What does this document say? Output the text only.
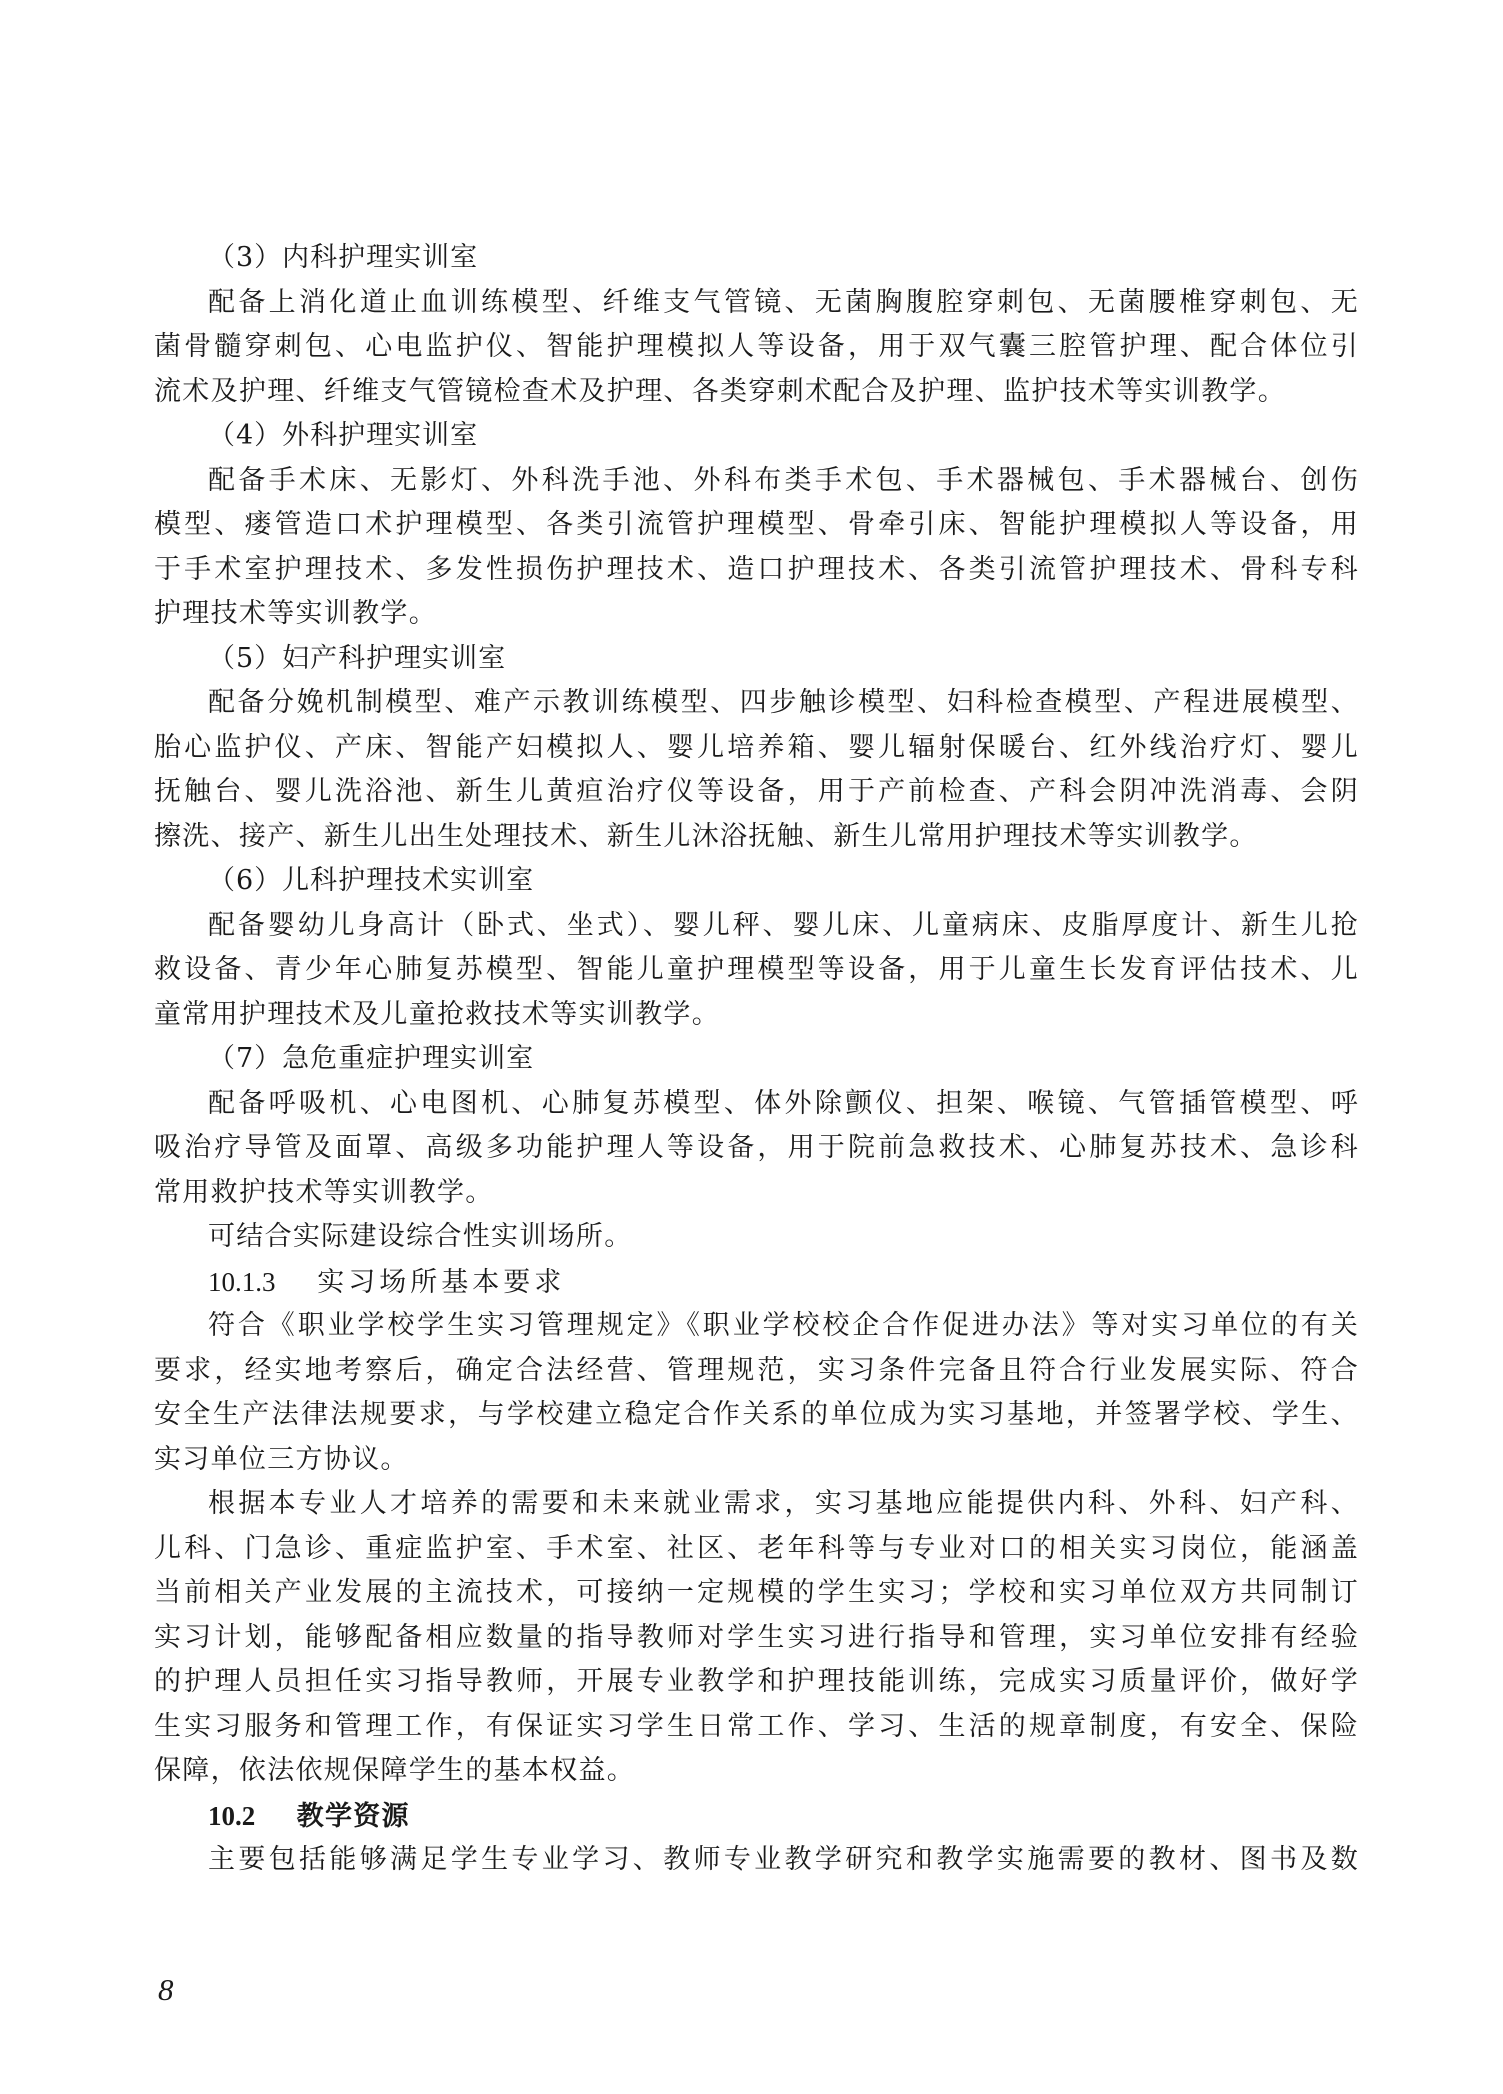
（3）内科护理实训室
配备上消化道止血训练模型、纤维支气管镜、无菌胸腹腔穿刺包、无菌腰椎穿刺包、无
菌骨髓穿刺包、心电监护仪、智能护理模拟人等设备，用于双气囊三腔管护理、配合体位引
流术及护理、纤维支气管镜检查术及护理、各类穿刺术配合及护理、监护技术等实训教学。
（4）外科护理实训室
配备手术床、无影灯、外科洗手池、外科布类手术包、手术器械包、手术器械台、创伤
模型、瘘管造口术护理模型、各类引流管护理模型、骨牵引床、智能护理模拟人等设备，用
于手术室护理技术、多发性损伤护理技术、造口护理技术、各类引流管护理技术、骨科专科
护理技术等实训教学。
（5）妇产科护理实训室
配备分娩机制模型、难产示教训练模型、四步触诊模型、妇科检查模型、产程进展模型、
胎心监护仪、产床、智能产妇模拟人、婴儿培养箱、婴儿辐射保暖台、红外线治疗灯、婴儿
抚触台、婴儿洗浴池、新生儿黄疸治疗仪等设备，用于产前检查、产科会阴冲洗消毒、会阴
擦洗、接产、新生儿出生处理技术、新生儿沐浴抚触、新生儿常用护理技术等实训教学。
（6）儿科护理技术实训室
配备婴幼儿身高计（卧式、坐式）、婴儿秤、婴儿床、儿童病床、皮脂厚度计、新生儿抢
救设备、青少年心肺复苏模型、智能儿童护理模型等设备，用于儿童生长发育评估技术、儿
童常用护理技术及儿童抢救技术等实训教学。
（7）急危重症护理实训室
配备呼吸机、心电图机、心肺复苏模型、体外除颤仪、担架、喉镜、气管插管模型、呼
吸治疗导管及面罩、高级多功能护理人等设备，用于院前急救技术、心肺复苏技术、急诊科
常用救护技术等实训教学。
可结合实际建设综合性实训场所。
10.1.3 实习场所基本要求
符合《职业学校学生实习管理规定》《职业学校校企合作促进办法》等对实习单位的有关
要求，经实地考察后，确定合法经营、管理规范，实习条件完备且符合行业发展实际、符合
安全生产法律法规要求，与学校建立稳定合作关系的单位成为实习基地，并签署学校、学生、
实习单位三方协议。
根据本专业人才培养的需要和未来就业需求，实习基地应能提供内科、外科、妇产科、
儿科、门急诊、重症监护室、手术室、社区、老年科等与专业对口的相关实习岗位，能涵盖
当前相关产业发展的主流技术，可接纳一定规模的学生实习；学校和实习单位双方共同制订
实习计划，能够配备相应数量的指导教师对学生实习进行指导和管理，实习单位安排有经验
的护理人员担任实习指导教师，开展专业教学和护理技能训练，完成实习质量评价，做好学
生实习服务和管理工作，有保证实习学生日常工作、学习、生活的规章制度，有安全、保险
保障，依法依规保障学生的基本权益。
10.2 教学资源
主要包括能够满足学生专业学习、教师专业教学研究和教学实施需要的教材、图书及数
8
